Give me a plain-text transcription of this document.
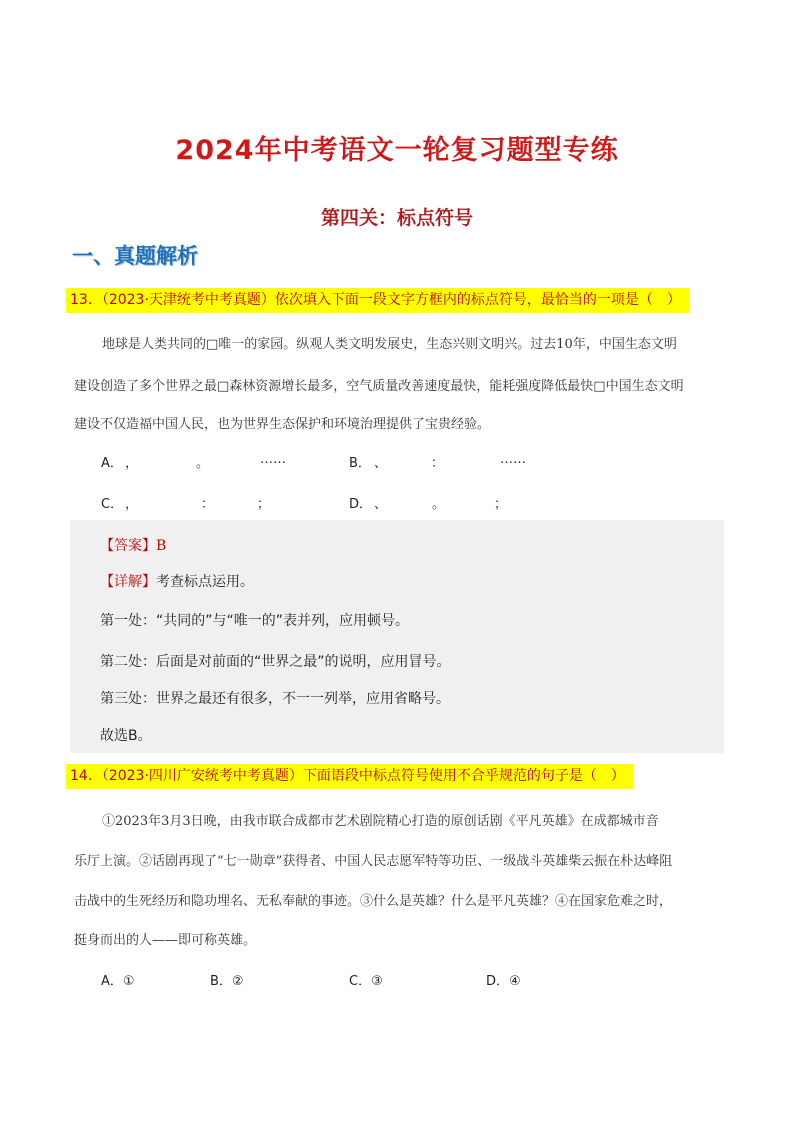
2024年中考语文一轮复习题型专练
第四关：标点符号
一、真题解析
13．（2023·天津统考中考真题）依次填入下面一段文字方框内的标点符号，最恰当的一项是（　）
地球是人类共同的□唯一的家园。纵观人类文明发展史，生态兴则文明兴。过去10年，中国生态文明
建设创造了多个世界之最□森林资源增长最多，空气质量改善速度最快，能耗强度降低最快□中国生态文明
建设不仅造福中国人民，也为世界生态保护和环境治理提供了宝贵经验。
A． ，	。	……	B． 、	：	……
C． ，	：	；	D． 、	。	；
【答案】B
【详解】考查标点运用。
第一处：“共同的”与“唯一的”表并列，应用顿号。
第二处：后面是对前面的“世界之最”的说明，应用冒号。
第三处：世界之最还有很多，不一一列举，应用省略号。
故选B。
14．（2023·四川广安统考中考真题）下面语段中标点符号使用不合乎规范的句子是（　）
①2023年3月3日晚，由我市联合成都市艺术剧院精心打造的原创话剧《平凡英雄》在成都城市音
乐厅上演。②话剧再现了“七一勋章”获得者、中国人民志愿军特等功臣、一级战斗英雄柴云振在朴达峰阻
击战中的生死经历和隐功埋名、无私奉献的事迹。③什么是英雄？什么是平凡英雄？④在国家危难之时，
挺身而出的人——即可称英雄。
A．①	B．②	C．③	D．④
